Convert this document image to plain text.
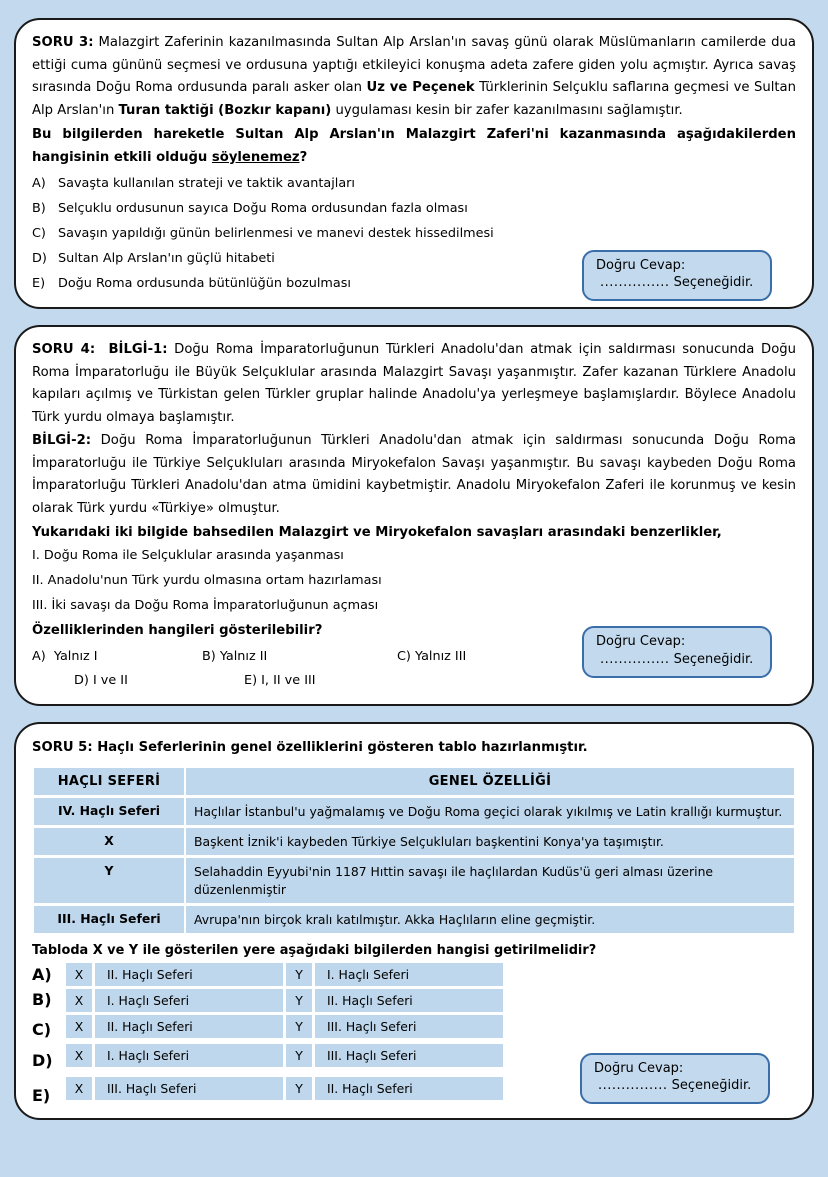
SORU 3: Malazgirt Zaferinin kazanılmasında Sultan Alp Arslan'ın savaş günü olarak Müslümanların camilerde dua ettiği cuma gününü seçmesi ve ordusuna yaptığı etkileyici konuşma adeta zafere giden yolu açmıştır. Ayrıca savaş sırasında Doğu Roma ordusunda paralı asker olan Uz ve Peçenek Türklerinin Selçuklu saflarına geçmesi ve Sultan Alp Arslan'ın Turan taktiği (Bozkır kapanı) uygulaması kesin bir zafer kazanılmasını sağlamıştır.

Bu bilgilerden hareketle Sultan Alp Arslan'ın Malazgirt Zaferi'ni kazanmasında aşağıdakilerden hangisinin etkili olduğu söylenemez?

A) Savaşta kullanılan strateji ve taktik avantajları
B) Selçuklu ordusunun sayıca Doğu Roma ordusundan fazla olması
C) Savaşın yapıldığı günün belirlenmesi ve manevi destek hissedilmesi
D) Sultan Alp Arslan'ın güçlü hitabeti
E)	Doğu Roma ordusunda bütünlüğün bozulması
Doğru Cevap:
............... Seçeneğidir.

SORU 4: BİLGİ-1: Doğu Roma İmparatorluğunun Türkleri Anadolu'dan atmak için saldırması sonucunda Doğu Roma İmparatorluğu ile Büyük Selçuklular arasında Malazgirt Savaşı yaşanmıştır. Zafer kazanan Türklere Anadolu kapıları açılmış ve Türkistan gelen Türkler gruplar halinde Anadolu'ya yerleşmeye başlamışlardır. Böylece Anadolu Türk yurdu olmaya başlamıştır.

BİLGİ-2: Doğu Roma İmparatorluğunun Türkleri Anadolu'dan atmak için saldırması sonucunda Doğu Roma İmparatorluğu ile Türkiye Selçukluları arasında Miryokefalon Savaşı yaşanmıştır. Bu savaşı kaybeden Doğu Roma İmparatorluğu Türkleri Anadolu'dan atma ümidini kaybetmiştir. Anadolu Miryokefalon Zaferi ile korunmuş ve kesin olarak Türk yurdu «Türkiye» olmuştur.

Yukarıdaki iki bilgide bahsedilen Malazgirt ve Miryokefalon savaşları arasındaki benzerlikler,

I. Doğu Roma ile Selçuklular arasında yaşanması
II. Anadolu'nun Türk yurdu olmasına ortam hazırlaması
III. İki savaşı da Doğu Roma İmparatorluğunun açması

Özelliklerinden hangileri gösterilebilir?

A) Yalnız I	B) Yalnız II	C) Yalnız III
D) I ve II	E) I, II ve III
Doğru Cevap:
............... Seçeneğidir.

SORU 5: Haçlı Seferlerinin genel özelliklerini gösteren tablo hazırlanmıştır.

HAÇLI SEFERİ	GENEL ÖZELLİĞİ
IV. Haçlı Seferi	Haçlılar İstanbul'u yağmalamış ve Doğu Roma geçici olarak yıkılmış ve Latin krallığı kurmuştur.
X	Başkent İznik'i kaybeden Türkiye Selçukluları başkentini Konya'ya taşımıştır.
Y	Selahaddin Eyyubi'nin 1187 Hıttin savaşı ile haçlılardan Kudüs'ü geri alması üzerine düzenlenmiştir
III. Haçlı Seferi	Avrupa'nın birçok kralı katılmıştır. Akka Haçlıların eline geçmiştir.

Tabloda X ve Y ile gösterilen yere aşağıdaki bilgilerden hangisi getirilmelidir?

A)	X	II. Haçlı Seferi	Y	I. Haçlı Seferi
B)	X	I. Haçlı Seferi	Y	II. Haçlı Seferi
C)	X	II. Haçlı Seferi	Y	III. Haçlı Seferi
D)	X	I. Haçlı Seferi	Y	III. Haçlı Seferi
E)	X	III. Haçlı Seferi	Y	II. Haçlı Seferi
Doğru Cevap:
............... Seçeneğidir.
